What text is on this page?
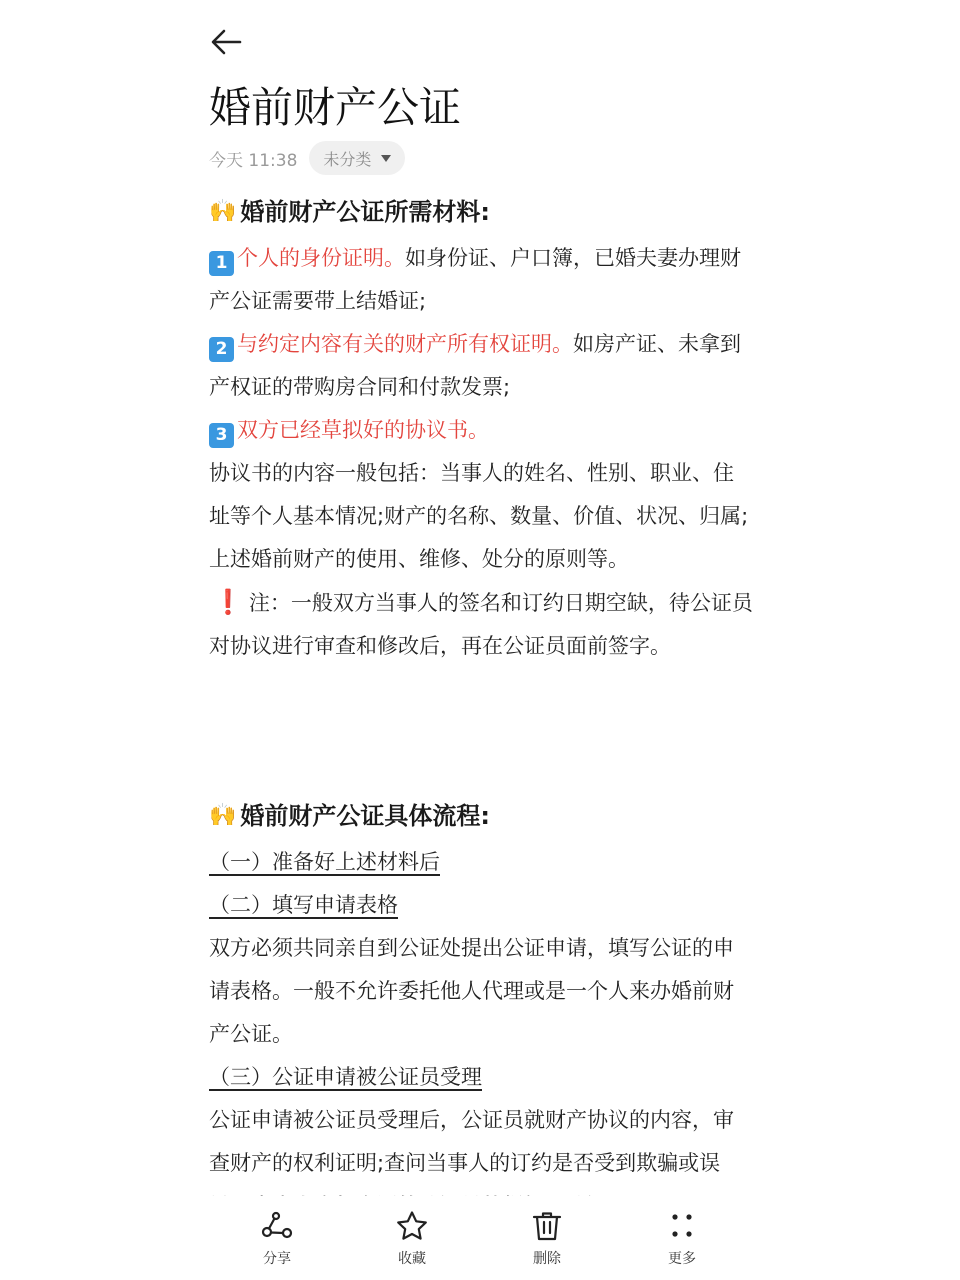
婚前财产公证
今天 11:38 未分类
🙌 婚前财产公证所需材料:
1 个人的身份证明。如身份证、户口簿，已婚夫妻办理财产公证需要带上结婚证;
2 与约定内容有关的财产所有权证明。如房产证、未拿到产权证的带购房合同和付款发票;
3 双方已经草拟好的协议书。
协议书的内容一般包括：当事人的姓名、性别、职业、住址等个人基本情况;财产的名称、数量、价值、状况、归属;上述婚前财产的使用、维修、处分的原则等。
❗ 注：一般双方当事人的签名和订约日期空缺，待公证员对协议进行审查和修改后，再在公证员面前签字。
🙌 婚前财产公证具体流程:
（一）准备好上述材料后
（二）填写申请表格
双方必须共同亲自到公证处提出公证申请，填写公证的申请表格。一般不允许委托他人代理或是一个人来办婚前财产公证。
（三）公证申请被公证员受理
公证申请被公证员受理后，公证员就财产协议的内容，审查财产的权利证明;查问当事人的订约是否受到欺骗或误
分享	收藏	删除	更多
